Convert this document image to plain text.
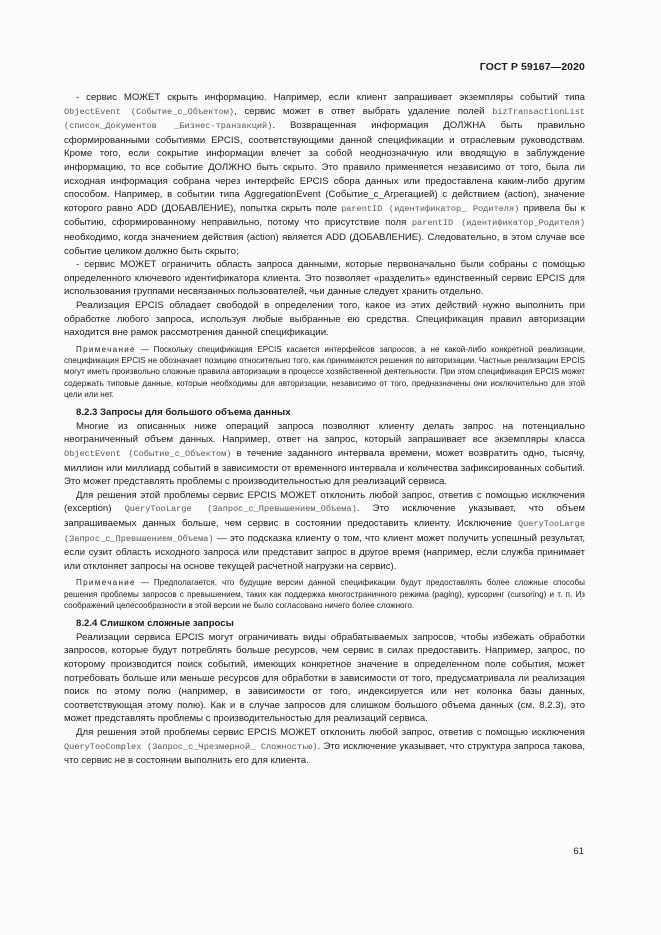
ГОСТ Р 59167—2020

- сервис МОЖЕТ скрыть информацию. Например, если клиент запрашивает экземпляры событий типа ObjectEvent (Событие_с_Объектом), сервис может в ответ выбрать удаление полей bizTransactionList (список_Документов _Бизнес-транзакций). Возвращенная информация ДОЛЖНА быть правильно сформированными событиями EPCIS, соответствующими данной спецификации и отраслевым руководствам. Кроме того, если сокрытие информации влечет за собой неоднозначную или вводящую в заблуждение информацию, то все событие ДОЛЖНО быть скрыто. Это правило применяется независимо от того, была ли исходная информация собрана через интерфейс EPCIS сбора данных или предоставлена каким-либо другим способом. Например, в событии типа AggregationEvent (Событие_с_Агрегацией) с действием (action), значение которого равно ADD (ДОБАВЛЕНИЕ), попытка скрыть поле parentID (идентификатор_ Родителя) привела бы к событию, сформированному неправильно, потому что присутствие поля parentID (идентификатор_Родителя) необходимо, когда значением действия (action) является ADD (ДОБАВЛЕНИЕ). Следовательно, в этом случае все событие целиком должно быть скрыто;

- сервис МОЖЕТ ограничить область запроса данными, которые первоначально были собраны с помощью определенного ключевого идентификатора клиента. Это позволяет «разделить» единственный сервис EPCIS для использования группами несвязанных пользователей, чьи данные следует хранить отдельно.

Реализация EPCIS обладает свободой в определении того, какое из этих действий нужно выполнить при обработке любого запроса, используя любые выбранные ею средства. Спецификация правил авторизации находится вне рамок рассмотрения данной спецификации.

Примечание — Поскольку спецификация EPCIS касается интерфейсов запросов, а не какой-либо конкретной реализации, спецификация EPCIS не обозначает позицию относительно того, как принимаются решения по авторизации. Частные реализации EPCIS могут иметь произвольно сложные правила авторизации в процессе хозяйственной деятельности. При этом спецификация EPCIS может содержать типовые данные, которые необходимы для авторизации, независимо от того, предназначены они исключительно для этой цели или нет.

8.2.3 Запросы для большого объема данных

Многие из описанных ниже операций запроса позволяют клиенту делать запрос на потенциально неограниченный объем данных. Например, ответ на запрос, который запрашивает все экземпляры класса ObjectEvent (Событие_с_Объектом) в течение заданного интервала времени, может возвратить одно, тысячу, миллион или миллиард событий в зависимости от временного интервала и количества зафиксированных событий. Это может представлять проблемы с производительностью для реализаций сервиса.

Для решения этой проблемы сервис EPCIS МОЖЕТ отклонить любой запрос, ответив с помощью исключения (exception) QueryTooLarge (Запрос_с_Превышением_Объема). Это исключение указывает, что объем запрашиваемых данных больше, чем сервис в состоянии предоставить клиенту. Исключение QueryTooLarge (Запрос_с_Превышением_Объема) — это подсказка клиенту о том, что клиент может получить успешный результат, если сузит область исходного запроса или представит запрос в другое время (например, если служба принимает или отклоняет запросы на основе текущей расчетной нагрузки на сервис).

Примечание — Предполагается, что будущие версии данной спецификации будут предоставлять более сложные способы решения проблемы запросов с превышением, таких как поддержка многостраничного режима (paging), курсоринг (cursoring) и т. п. Из соображений целесообразности в этой версии не было согласовано ничего более сложного.

8.2.4 Слишком сложные запросы

Реализации сервиса EPCIS могут ограничивать виды обрабатываемых запросов, чтобы избежать обработки запросов, которые будут потреблять больше ресурсов, чем сервис в силах предоставить. Например, запрос, по которому производится поиск событий, имеющих конкретное значение в определенном поле события, может потребовать больше или меньше ресурсов для обработки в зависимости от того, предусматривала ли реализация поиск по этому полю (например, в зависимости от того, индексируется или нет колонка базы данных, соответствующая этому полю). Как и в случае запросов для слишком большого объема данных (см. 8.2.3), это может представлять проблемы с производительностью для реализаций сервиса.

Для решения этой проблемы сервис EPCIS МОЖЕТ отклонить любой запрос, ответив с помощью исключения QueryTooComplex (Запрос_с_Чрезмерной_ Сложностью). Это исключение указывает, что структура запроса такова, что сервис не в состоянии выполнить его для клиента.

61
